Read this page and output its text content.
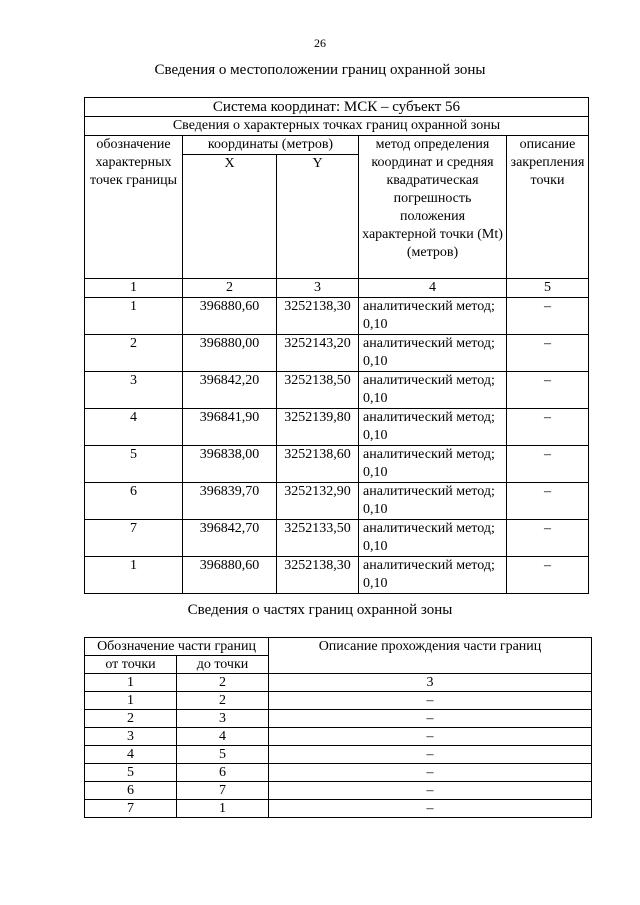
26
Сведения о местоположении границ охранной зоны
Система координат: МСК – субъект 56				
Сведения о характерных точках границ охранной зоны				
обозначение характерных точек границы	координаты (метров)		метод определения координат и средняя квадратическая погрешность положения характерной точки (Mt) (метров)	описание закрепления точки
	X	Y		
1	2	3	4	5
1	396880,60	3252138,30	аналитический метод; 0,10	–
2	396880,00	3252143,20	аналитический метод; 0,10	–
3	396842,20	3252138,50	аналитический метод; 0,10	–
4	396841,90	3252139,80	аналитический метод; 0,10	–
5	396838,00	3252138,60	аналитический метод; 0,10	–
6	396839,70	3252132,90	аналитический метод; 0,10	–
7	396842,70	3252133,50	аналитический метод; 0,10	–
1	396880,60	3252138,30	аналитический метод; 0,10	–
Сведения о частях границ охранной зоны
Обозначение части границ		Описание прохождения части границ
от точки	до точки	
1	2	3
1	2	–
2	3	–
3	4	–
4	5	–
5	6	–
6	7	–
7	1	–
